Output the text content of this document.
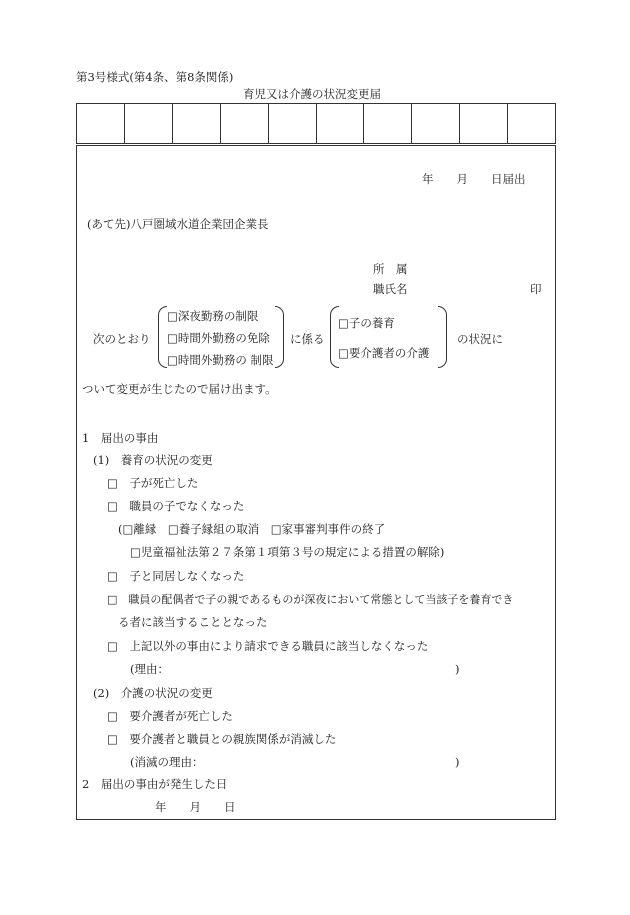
第3号様式(第4条、第8条関係)
育児又は介護の状況変更届
年　　月　　日届出
(あて先)八戸圏域水道企業団企業長
所　属
職氏名	印
次のとおり
□深夜勤務の制限
□時間外勤務の免除
□時間外勤務の 制限
に係る
□子の養育
□要介護者の介護
の状況に
ついて変更が生じたので届け出ます。
1　届出の事由
(1)　養育の状況の変更
□　子が死亡した
□　職員の子でなくなった
(□離縁　□養子縁組の取消　□家事審判事件の終了
□児童福祉法第２７条第１項第３号の規定による措置の解除)
□　子と同居しなくなった
□　職員の配偶者で子の親であるものが深夜において常態として当該子を養育でき
る者に該当することとなった
□　上記以外の事由により請求できる職員に該当しなくなった
(理由：	)
(2)　介護の状況の変更
□　要介護者が死亡した
□　要介護者と職員との親族関係が消滅した
(消滅の理由：	)
2　届出の事由が発生した日
年　　月　　日
